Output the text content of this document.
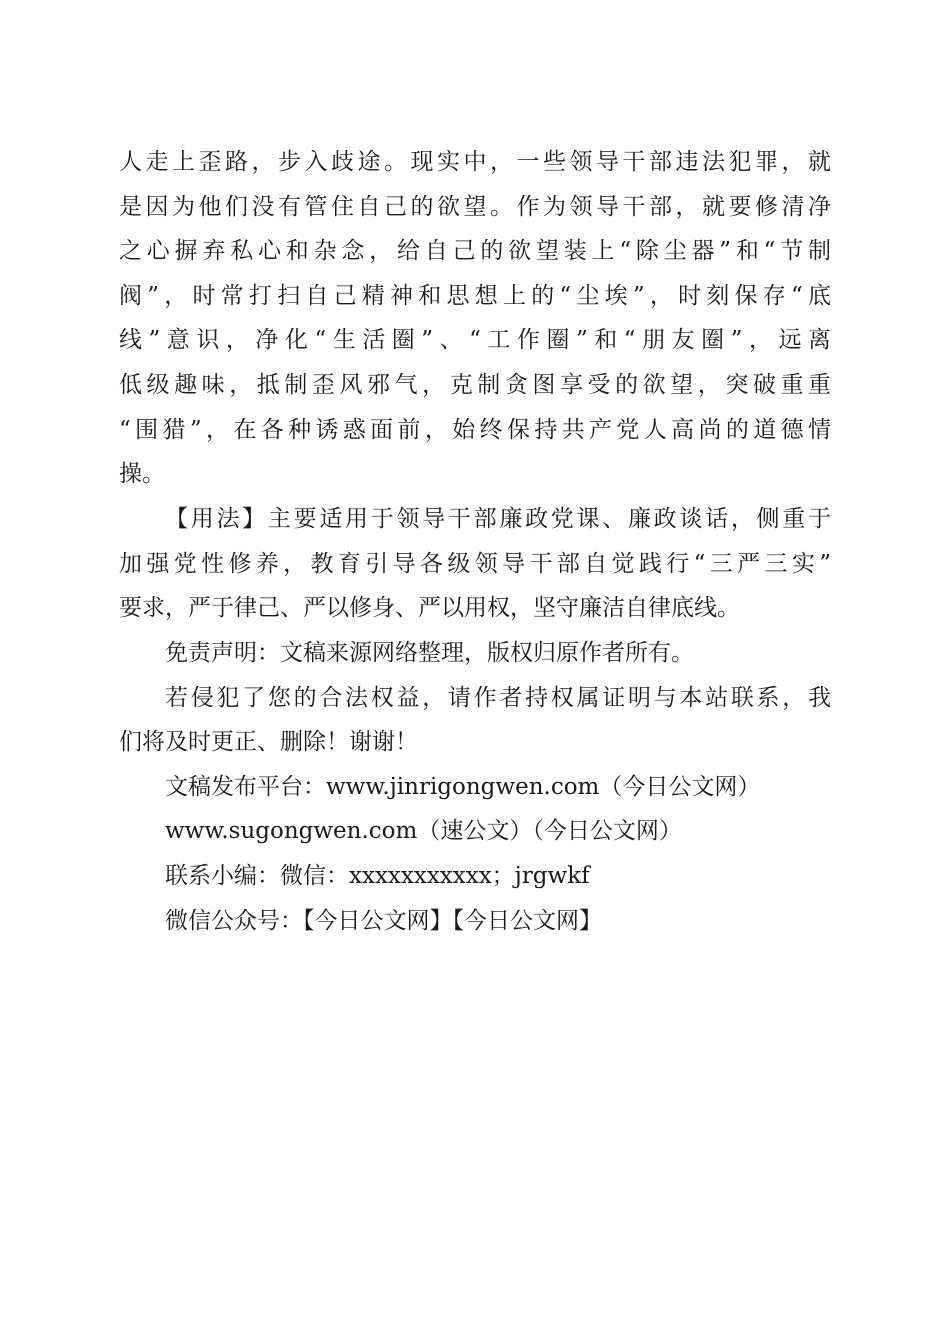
人走上歪路，步入歧途。现实中，一些领导干部违法犯罪，就
是因为他们没有管住自己的欲望。作为领导干部，就要修清净
之心摒弃私心和杂念，给自己的欲望装上“除尘器”和“节制
阀”，时常打扫自己精神和思想上的“尘埃”，时刻保存“底
线”意识，净化“生活圈”、“工作圈”和“朋友圈”，远离
低级趣味，抵制歪风邪气，克制贪图享受的欲望，突破重重
“围猎”，在各种诱惑面前，始终保持共产党人高尚的道德情
操。
【用法】主要适用于领导干部廉政党课、廉政谈话，侧重于
加强党性修养，教育引导各级领导干部自觉践行“三严三实”
要求，严于律己、严以修身、严以用权，坚守廉洁自律底线。
免责声明：文稿来源网络整理，版权归原作者所有。
若侵犯了您的合法权益，请作者持权属证明与本站联系，我
们将及时更正、删除！谢谢！
文稿发布平台：www.jinrigongwen.com（今日公文网）
www.sugongwen.com（速公文）（今日公文网）
联系小编：微信：xxxxxxxxxxx；jrgwkf
微信公众号：【今日公文网】【今日公文网】
